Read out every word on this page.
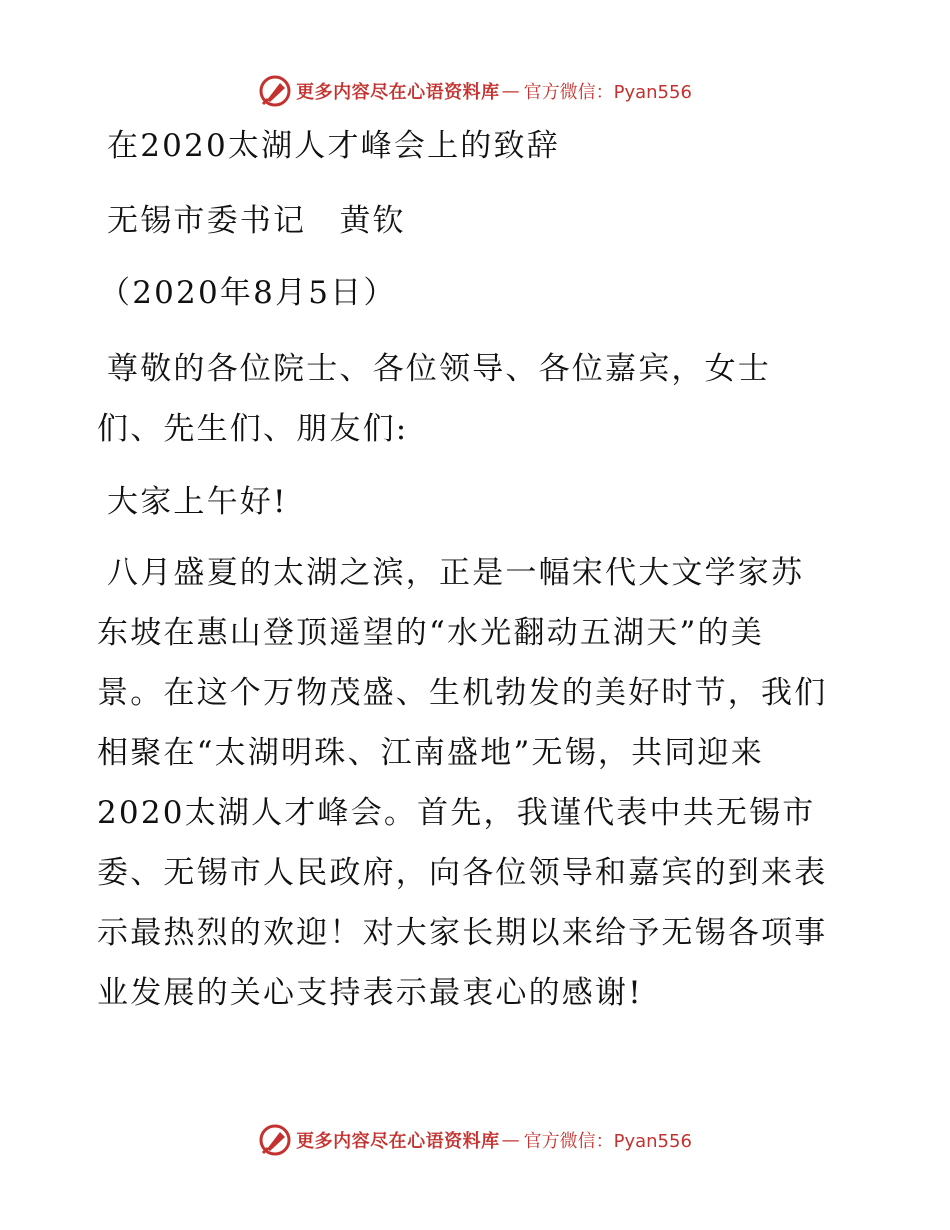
更多内容尽在心语资料库 — 官方微信：Pyan556
在2020太湖人才峰会上的致辞
无锡市委书记　黄钦
（2020年8月5日）
尊敬的各位院士、各位领导、各位嘉宾，女士
们、先生们、朋友们:
大家上午好!
八月盛夏的太湖之滨，正是一幅宋代大文学家苏
东坡在惠山登顶遥望的“水光翻动五湖天”的美
景。在这个万物茂盛、生机勃发的美好时节，我们
相聚在“太湖明珠、江南盛地”无锡，共同迎来
2020太湖人才峰会。首先，我谨代表中共无锡市
委、无锡市人民政府，向各位领导和嘉宾的到来表
示最热烈的欢迎！对大家长期以来给予无锡各项事
业发展的关心支持表示最衷心的感谢!
更多内容尽在心语资料库 — 官方微信：Pyan556
